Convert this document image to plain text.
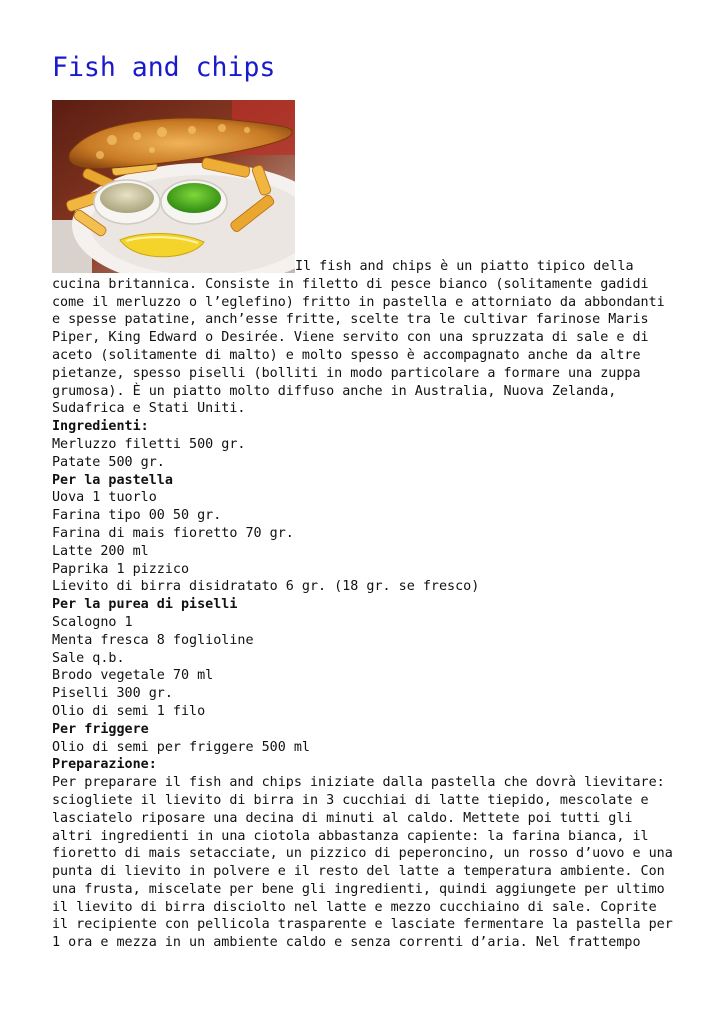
Fish and chips
Il fish and chips è un piatto tipico della
cucina britannica. Consiste in filetto di pesce bianco (solitamente gadidi
come il merluzzo o l’eglefino) fritto in pastella e attorniato da abbondanti
e spesse patatine, anch’esse fritte, scelte tra le cultivar farinose Maris
Piper, King Edward o Desirée. Viene servito con una spruzzata di sale e di
aceto (solitamente di malto) e molto spesso è accompagnato anche da altre
pietanze, spesso piselli (bolliti in modo particolare a formare una zuppa
grumosa). È un piatto molto diffuso anche in Australia, Nuova Zelanda,
Sudafrica e Stati Uniti.
Ingredienti:
Merluzzo filetti 500 gr.
Patate 500 gr.
Per la pastella
Uova 1 tuorlo
Farina tipo 00 50 gr.
Farina di mais fioretto 70 gr.
Latte 200 ml
Paprika 1 pizzico
Lievito di birra disidratato 6 gr. (18 gr. se fresco)
Per la purea di piselli
Scalogno 1
Menta fresca 8 foglioline
Sale q.b.
Brodo vegetale 70 ml
Piselli 300 gr.
Olio di semi 1 filo
Per friggere
Olio di semi per friggere 500 ml
Preparazione:
Per preparare il fish and chips iniziate dalla pastella che dovrà lievitare:
sciogliete il lievito di birra in 3 cucchiai di latte tiepido, mescolate e
lasciatelo riposare una decina di minuti al caldo. Mettete poi tutti gli
altri ingredienti in una ciotola abbastanza capiente: la farina bianca, il
fioretto di mais setacciate, un pizzico di peperoncino, un rosso d’uovo e una
punta di lievito in polvere e il resto del latte a temperatura ambiente. Con
una frusta, miscelate per bene gli ingredienti, quindi aggiungete per ultimo
il lievito di birra disciolto nel latte e mezzo cucchiaino di sale. Coprite
il recipiente con pellicola trasparente e lasciate fermentare la pastella per
1 ora e mezza in un ambiente caldo e senza correnti d’aria. Nel frattempo
